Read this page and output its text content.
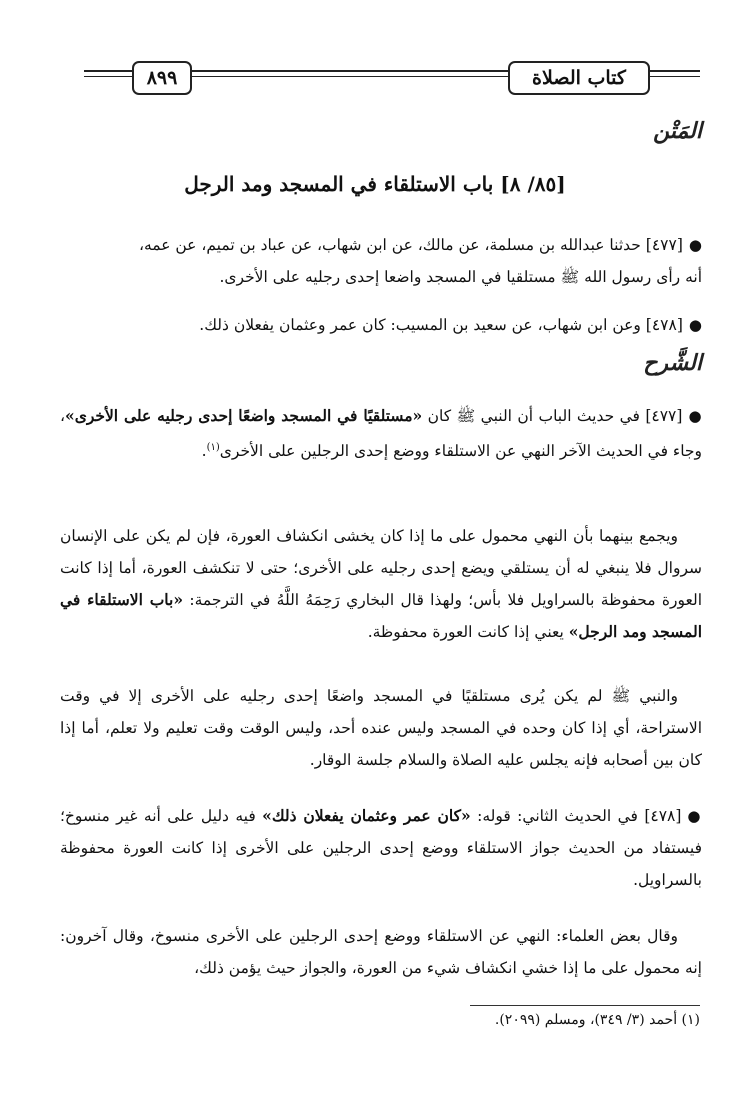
٨٩٩	كتاب الصلاة
المَتْن
[٨٥/ ٨] باب الاستلقاء في المسجد ومد الرجل
●[٤٧٧] حدثنا عبدالله بن مسلمة، عن مالك، عن ابن شهاب، عن عباد بن تميم، عن عمه،
أنه رأى رسول الله ﷺ مستلقيا في المسجد واضعا إحدى رجليه على الأخرى.
●[٤٧٨] وعن ابن شهاب، عن سعيد بن المسيب: كان عمر وعثمان يفعلان ذلك.
الشَّرح
●[٤٧٧] في حديث الباب أن النبي ﷺ كان «مستلقيًا في المسجد واضعًا إحدى رجليه على الأخرى»، وجاء في الحديث الآخر النهي عن الاستلقاء ووضع إحدى الرجلين على الأخرى$^{(١)}$.
ويجمع بينهما بأن النهي محمول على ما إذا كان يخشى انكشاف العورة، فإن لم يكن على الإنسان سروال فلا ينبغي له أن يستلقي ويضع إحدى رجليه على الأخرى؛ حتى لا تنكشف العورة، أما إذا كانت العورة محفوظة بالسراويل فلا بأس؛ ولهذا قال البخاري رَحِمَهُ اللَّهُ في الترجمة: «باب الاستلقاء في المسجد ومد الرجل» يعني إذا كانت العورة محفوظة.
والنبي ﷺ لم يكن يُرى مستلقيًا في المسجد واضعًا إحدى رجليه على الأخرى إلا في وقت الاستراحة، أي إذا كان وحده في المسجد وليس عنده أحد، وليس الوقت وقت تعليم ولا تعلم، أما إذا كان بين أصحابه فإنه يجلس عليه الصلاة والسلام جلسة الوقار.
●[٤٧٨] في الحديث الثاني: قوله: «كان عمر وعثمان يفعلان ذلك» فيه دليل على أنه غير منسوخ؛ فيستفاد من الحديث جواز الاستلقاء ووضع إحدى الرجلين على الأخرى إذا كانت العورة محفوظة بالسراويل.
وقال بعض العلماء: النهي عن الاستلقاء ووضع إحدى الرجلين على الأخرى منسوخ، وقال آخرون: إنه محمول على ما إذا خشي انكشاف شيء من العورة، والجواز حيث يؤمن ذلك،
(١) أحمد (٣/ ٣٤٩)، ومسلم (٢٠٩٩).
